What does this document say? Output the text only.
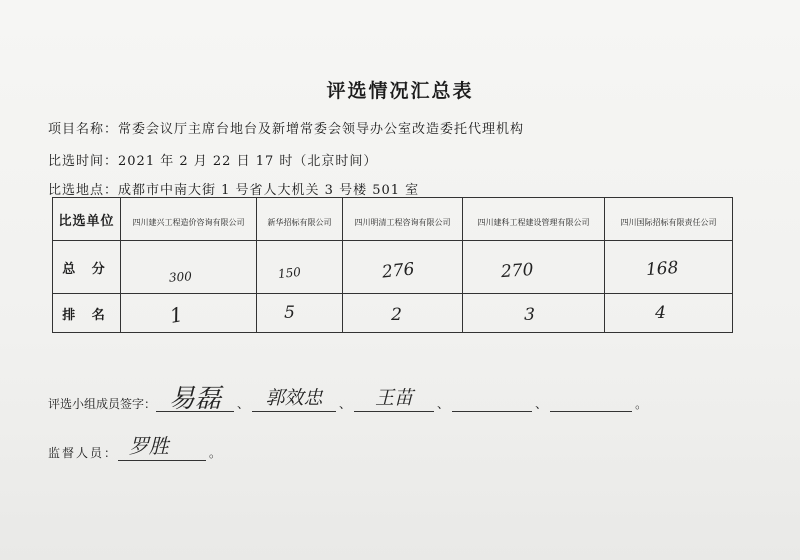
评选情况汇总表
项目名称：常委会议厅主席台地台及新增常委会领导办公室改造委托代理机构
比选时间：2021 年 2 月 22 日 17 时（北京时间）
比选地点：成都市中南大街 1 号省人大机关 3 号楼 501 室
比选单位	四川建兴工程造价咨询有限公司	新华招标有限公司	四川明清工程咨询有限公司	四川建科工程建设管理有限公司	四川国际招标有限责任公司
总 分	300	150	276	270	168
排 名	1	5	2	3	4
评选小组成员签字： 易磊 、 郭效忠 、 王苗 、	、	。
监督人员： 罗胜	。
